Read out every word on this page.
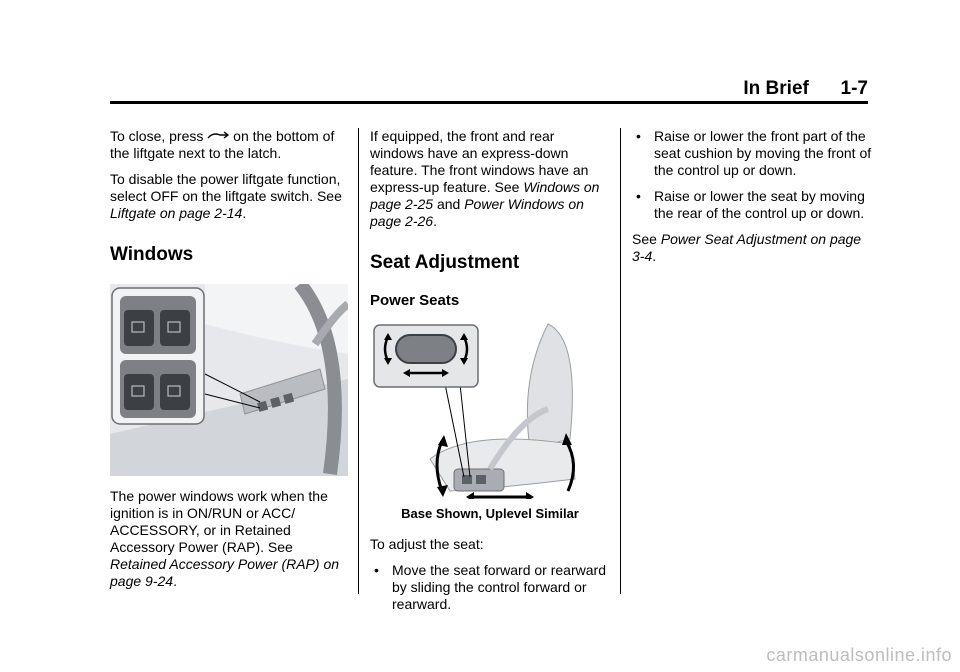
In Brief 1-7

To close, press  on the bottom of the liftgate next to the latch.

To disable the power liftgate function, select OFF on the liftgate switch. See Liftgate on page 2-14.

Windows

The power windows work when the ignition is in ON/RUN or ACC/ ACCESSORY, or in Retained Accessory Power (RAP). See Retained Accessory Power (RAP) on page 9-24.

If equipped, the front and rear windows have an express-down feature. The front windows have an express-up feature. See Windows on page 2-25 and Power Windows on page 2-26.

Seat Adjustment
Power Seats
Base Shown, Uplevel Similar

To adjust the seat:

• Move the seat forward or rearward by sliding the control forward or rearward.
• Raise or lower the front part of the seat cushion by moving the front of the control up or down.
• Raise or lower the seat by moving the rear of the control up or down.

See Power Seat Adjustment on page 3-4.

carmanualsonline.info
